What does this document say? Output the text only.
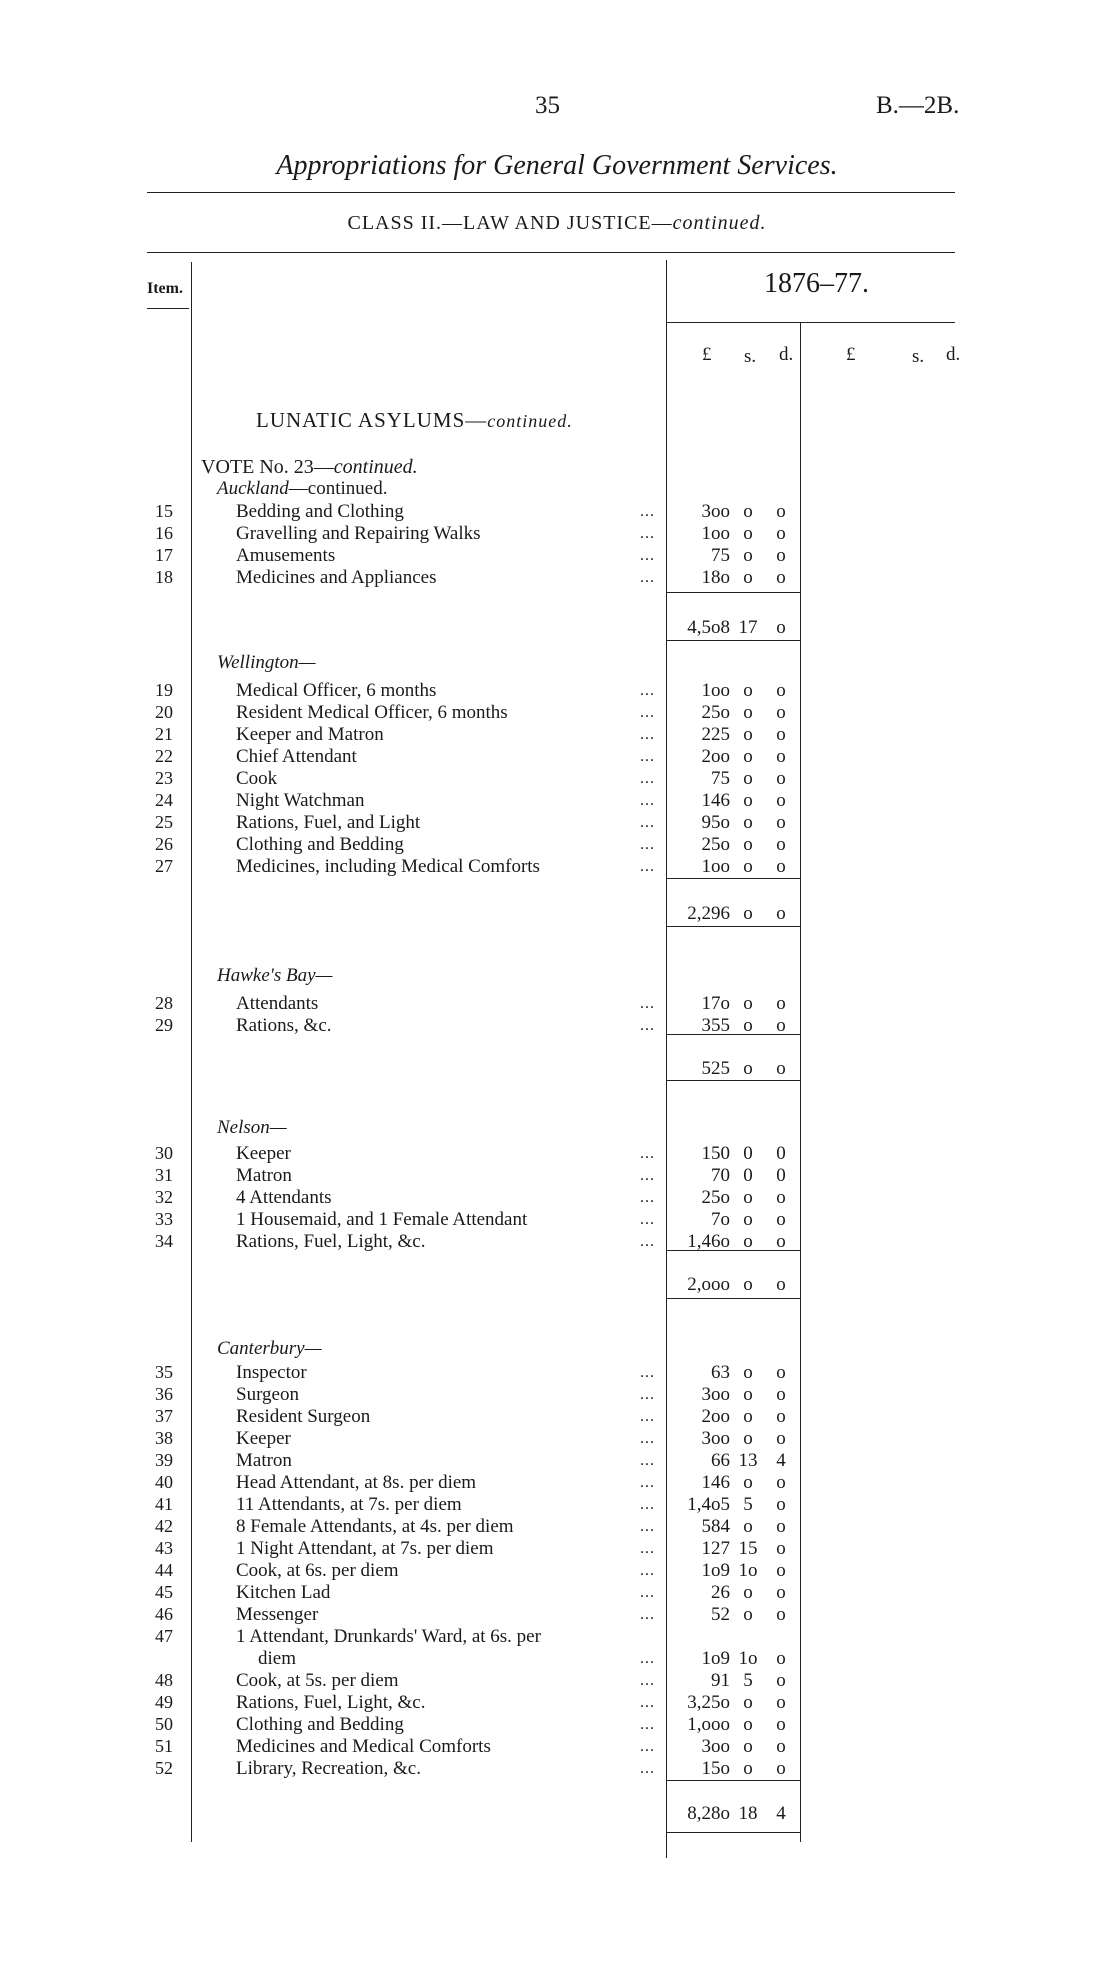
35	B.—2B.
Appropriations for General Government Services.
CLASS II.—LAW AND JUSTICE—continued.
Item.	1876–77.
£ s. d.	£	s. d.
LUNATIC ASYLUMS—continued.
VOTE No. 23—continued.
Auckland—continued.
15	Bedding and Clothing	...	3oo o	o
16	Gravelling and Repairing Walks	...	1oo o	o
17	Amusements	...	75 o	o
18	Medicines and Appliances	...	18o o	o
4,5o8 17 o
Wellington—
19	Medical Officer, 6 months	...	1oo o	o
20	Resident Medical Officer, 6 months	...	25o o	o
21	Keeper and Matron	...	225 o	o
22	Chief Attendant	...	2oo o	o
23	Cook	...	75 o	o
24	Night Watchman	...	146 o	o
25	Rations, Fuel, and Light	...	95o o	o
26	Clothing and Bedding	...	25o o	o
27	Medicines, including Medical Comforts	...	1oo o	o
2,296 o	o
Hawke's Bay—
28	Attendants	...	17o o	o
29	Rations, &c.	...	355 o	o
525 o	o
Nelson—
30	Keeper	...	150 0	0
31	Matron	...	70 0	0
32	4 Attendants	...	25o o	o
33	1 Housemaid, and 1 Female Attendant	...	7o o	o
34	Rations, Fuel, Light, &c.	...	1,46o o	o
2,ooo o	o
Canterbury—
35	Inspector	...	63 o	o
36	Surgeon	...	3oo o	o
37	Resident Surgeon	...	2oo o	o
38	Keeper	...	3oo o	o
39	Matron	...	66 13 4
40	Head Attendant, at 8s. per diem	...	146 o	o
41	11 Attendants, at 7s. per diem	...	1,4o5 5	o
42	8 Female Attendants, at 4s. per diem	...	584 o	o
43	1 Night Attendant, at 7s. per diem	...	127 15 o
44	Cook, at 6s. per diem	...	1o9 1o o
45	Kitchen Lad	...	26 o	o
46	Messenger	...	52 o	o
47	1 Attendant, Drunkards' Ward, at 6s. per
diem	...	1o9 1o o
48	Cook, at 5s. per diem	...	91 5	o
49	Rations, Fuel, Light, &c.	...	3,25o o	o
50	Clothing and Bedding	...	1,ooo o	o
51	Medicines and Medical Comforts	...	3oo o	o
52	Library, Recreation, &c.	...	15o o	o
8,28o 18 4
